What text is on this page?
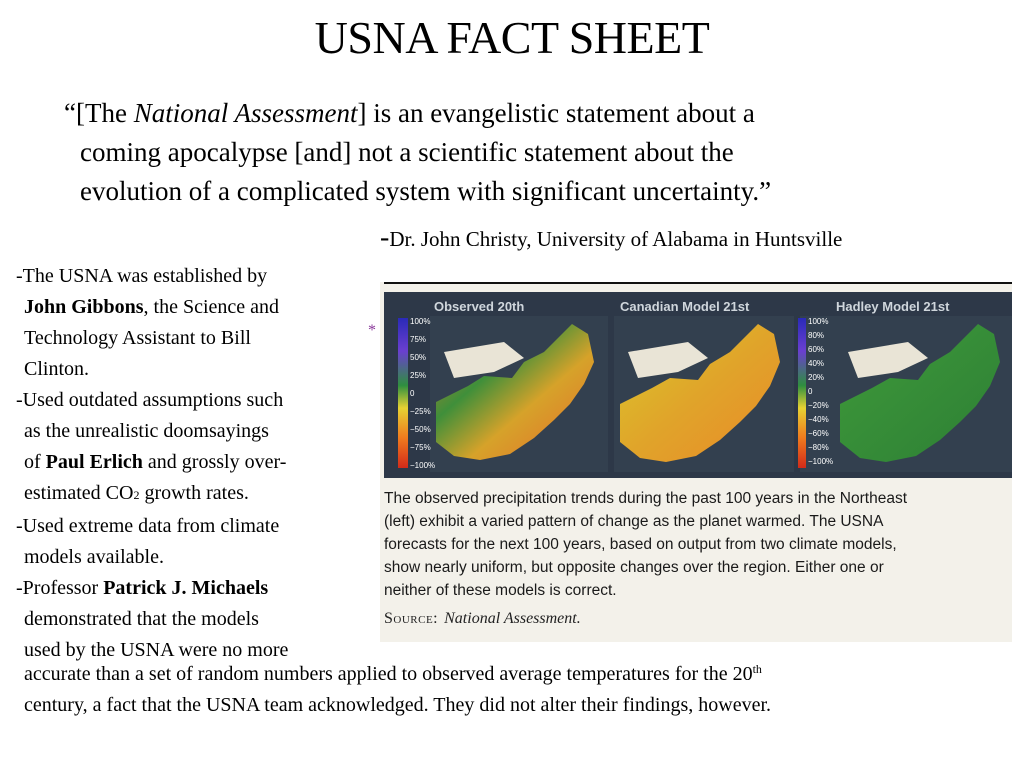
USNA FACT SHEET
“[The National Assessment] is an evangelistic statement about a
coming apocalypse [and] not a scientific statement about the
evolution of a complicated system with significant uncertainty.”
-Dr. John Christy, University of Alabama in Huntsville

-The USNA was established by

John Gibbons, the Science and

Technology Assistant to Bill

Clinton.

-Used outdated assumptions such

as the unrealistic doomsayings

of Paul Erlich and grossly over-

estimated CO2 growth rates.

-Used extreme data from climate

models available.

-Professor Patrick J. Michaels

demonstrated that the models

used by the USNA were no more

*
Observed 20th
100%
75%
50%
25%
0
−25%
−50%
−75%
−100%
Canadian Model 21st	Hadley Model 21st
100%
80%
60%
40%
20%
0
−20%
−40%
−60%
−80%
−100%

The observed precipitation trends during the past 100 years in the Northeast

(left) exhibit a varied pattern of change as the planet warmed. The USNA

forecasts for the next 100 years, based on output from two climate models,

show nearly uniform, but opposite changes over the region. Either one or

neither of these models is correct.

Source: National Assessment.

accurate than a set of random numbers applied to observed average temperatures for the 20th

century, a fact that the USNA team acknowledged. They did not alter their findings, however.
